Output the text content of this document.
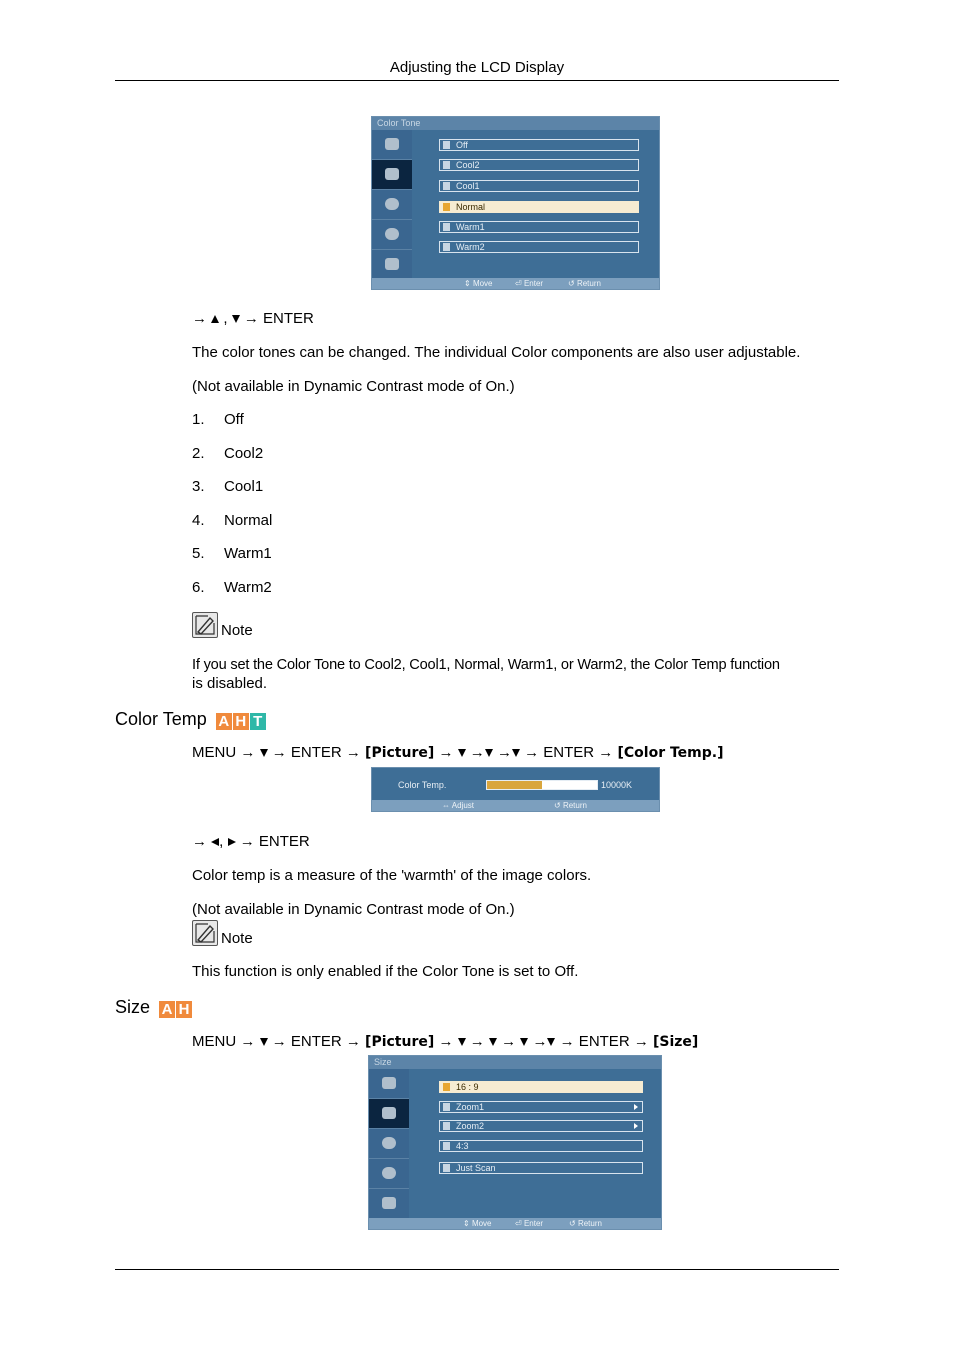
Adjusting the LCD Display
Color Tone
Off
Cool2
Cool1
Normal
Warm1
Warm2
⇕ Move	⏎ Enter	↺ Return
→ , → ENTER
The color tones can be changed. The individual Color components are also user adjustable.
(Not available in Dynamic Contrast mode of On.)
1. Off
2. Cool2
3. Cool1
4. Normal
5. Warm1
6. Warm2
Note
If you set the Color Tone to Cool2, Cool1, Normal, Warm1, or Warm2, the Color Temp function
is disabled.
Color Temp A H T
MENU → → ENTER → [Picture] → → → → ENTER → [Color Temp.]
Color Temp.	10000K
⇔ Adjust	↺ Return
→ ,  → ENTER
Color temp is a measure of the 'warmth' of the image colors.
(Not available in Dynamic Contrast mode of On.)
Note
This function is only enabled if the Color Tone is set to Off.
Size A H
MENU → → ENTER → [Picture] → → → → → ENTER → [Size]
Size
16 : 9
Zoom1
Zoom2
4:3
Just Scan
⇕ Move	⏎ Enter	↺ Return
